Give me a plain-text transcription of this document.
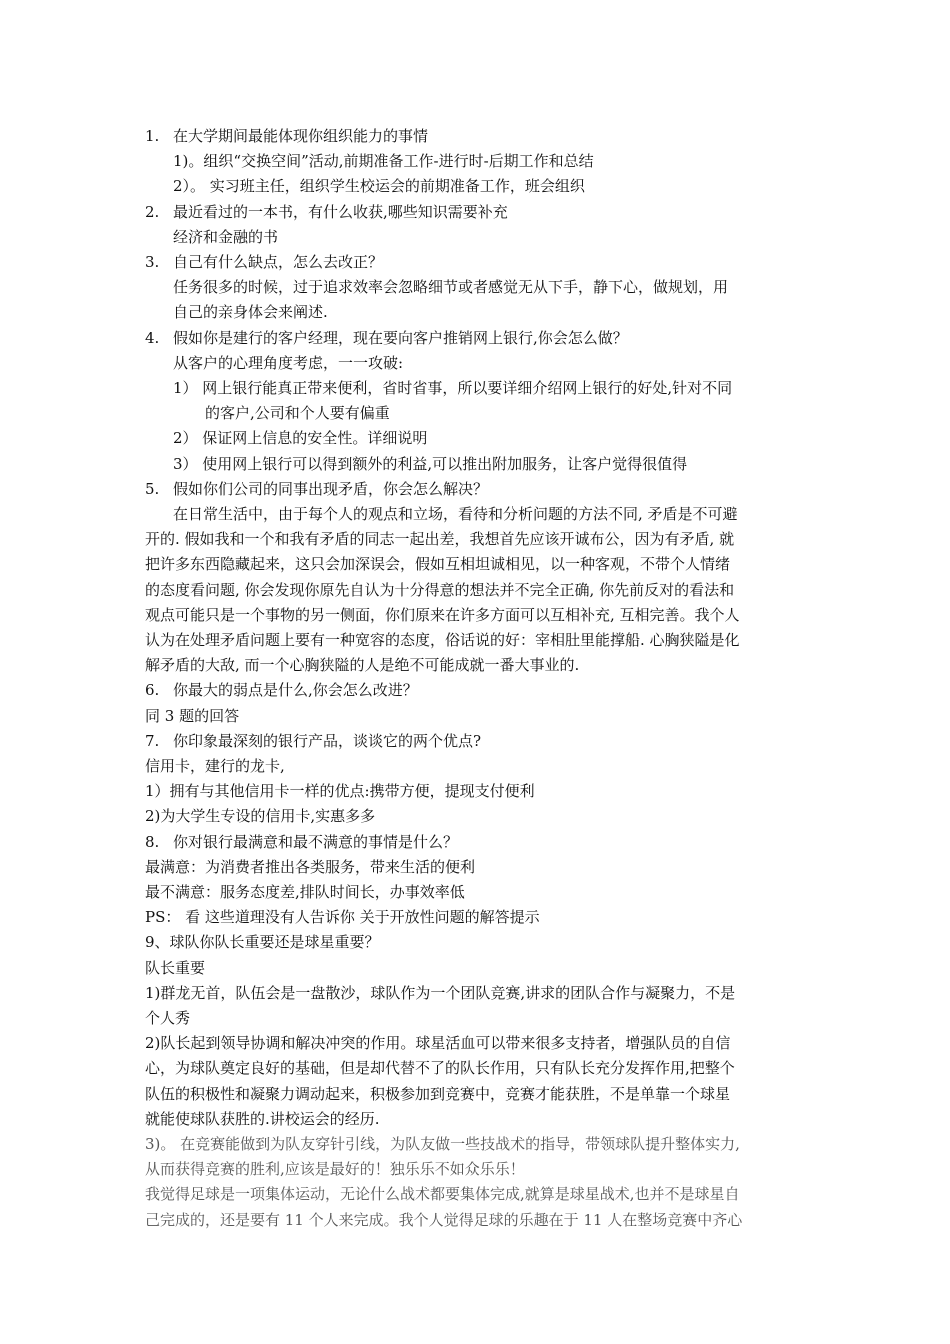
1. 在大学期间最能体现你组织能力的事情
1)。组织“交换空间”活动,前期准备工作-进行时-后期工作和总结
2）。 实习班主任，组织学生校运会的前期准备工作，班会组织
2. 最近看过的一本书，有什么收获,哪些知识需要补充
经济和金融的书
3. 自己有什么缺点，怎么去改正？
任务很多的时候，过于追求效率会忽略细节或者感觉无从下手，静下心，做规划，用
自己的亲身体会来阐述.
4. 假如你是建行的客户经理，现在要向客户推销网上银行,你会怎么做？
从客户的心理角度考虑，一一攻破:
1） 网上银行能真正带来便利，省时省事，所以要详细介绍网上银行的好处,针对不同
的客户,公司和个人要有偏重
2） 保证网上信息的安全性。详细说明
3） 使用网上银行可以得到额外的利益,可以推出附加服务，让客户觉得很值得
5. 假如你们公司的同事出现矛盾，你会怎么解决？
在日常生活中，由于每个人的观点和立场，看待和分析问题的方法不同, 矛盾是不可避
开的. 假如我和一个和我有矛盾的同志一起出差，我想首先应该开诚布公，因为有矛盾, 就
把许多东西隐藏起来，这只会加深误会，假如互相坦诚相见，以一种客观，不带个人情绪
的态度看问题, 你会发现你原先自认为十分得意的想法并不完全正确, 你先前反对的看法和
观点可能只是一个事物的另一侧面，你们原来在许多方面可以互相补充, 互相完善。我个人
认为在处理矛盾问题上要有一种宽容的态度，俗话说的好：宰相肚里能撑船. 心胸狭隘是化
解矛盾的大敌, 而一个心胸狭隘的人是绝不可能成就一番大事业的.
6. 你最大的弱点是什么,你会怎么改进？
同 3 题的回答
7. 你印象最深刻的银行产品，谈谈它的两个优点?
信用卡，建行的龙卡,
1）拥有与其他信用卡一样的优点:携带方便，提现支付便利
2)为大学生专设的信用卡,实惠多多
8. 你对银行最满意和最不满意的事情是什么？
最满意：为消费者推出各类服务，带来生活的便利
最不满意：服务态度差,排队时间长，办事效率低
PS： 看 这些道理没有人告诉你 关于开放性问题的解答提示
9、球队你队长重要还是球星重要？
队长重要
1)群龙无首，队伍会是一盘散沙，球队作为一个团队竞赛,讲求的团队合作与凝聚力，不是
个人秀
2)队长起到领导协调和解决冲突的作用。球星活血可以带来很多支持者，增强队员的自信
心，为球队奠定良好的基础，但是却代替不了的队长作用，只有队长充分发挥作用,把整个
队伍的积极性和凝聚力调动起来，积极参加到竞赛中，竞赛才能获胜，不是单靠一个球星
就能使球队获胜的.讲校运会的经历.
3)。 在竞赛能做到为队友穿针引线，为队友做一些技战术的指导，带领球队提升整体实力,
从而获得竞赛的胜利,应该是最好的！独乐乐不如众乐乐！
我觉得足球是一项集体运动，无论什么战术都要集体完成,就算是球星战术,也并不是球星自
己完成的，还是要有 11 个人来完成。我个人觉得足球的乐趣在于 11 人在整场竞赛中齐心
